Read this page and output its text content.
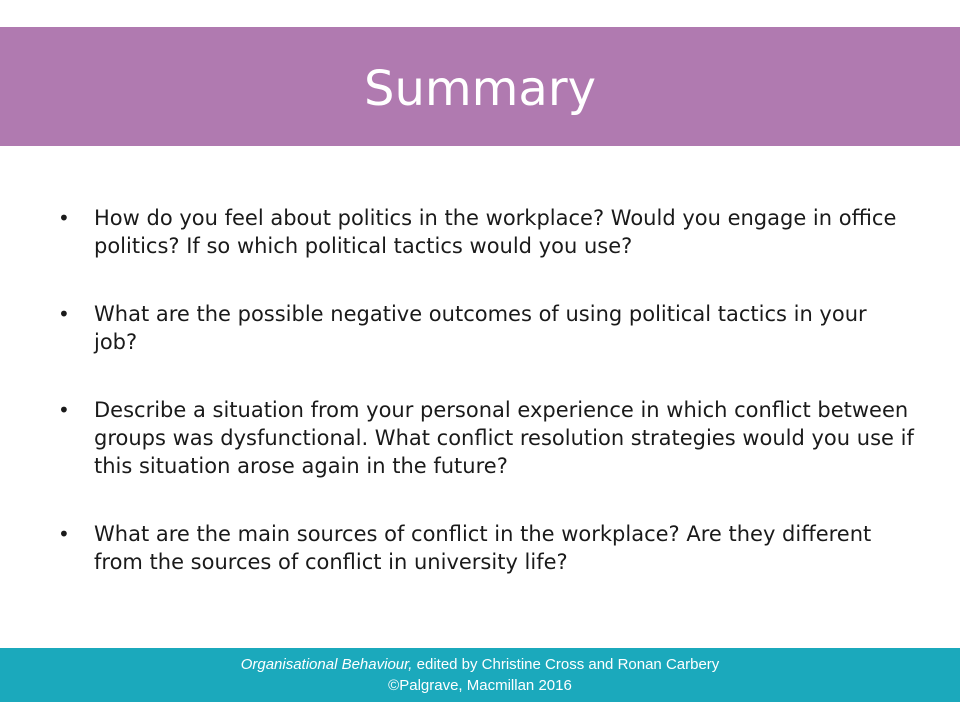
Summary
• How do you feel about politics in the workplace? Would you engage in office politics? If so which political tactics would you use?
• What are the possible negative outcomes of using political tactics in your job?
• Describe a situation from your personal experience in which conflict between groups was dysfunctional. What conflict resolution strategies would you use if this situation arose again in the future?
• What are the main sources of conflict in the workplace? Are they different from the sources of conflict in university life?
Organisational Behaviour, edited by Christine Cross and Ronan Carbery
©Palgrave, Macmillan 2016
